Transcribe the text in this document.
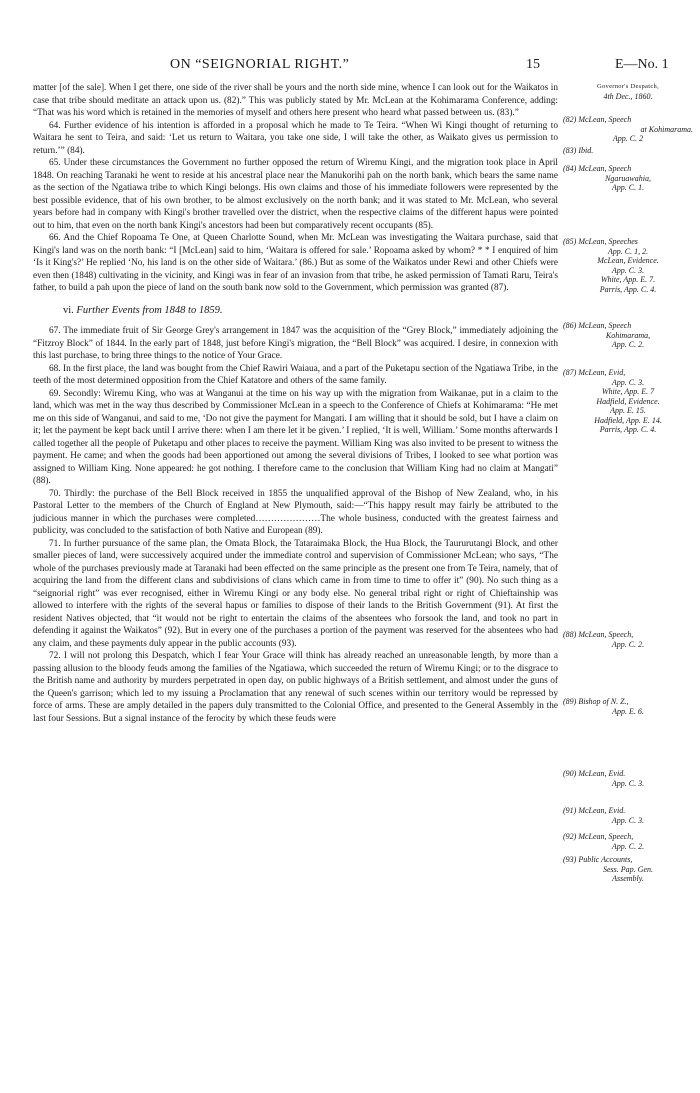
ON “SEIGNORIAL RIGHT.”	15	E—No. 1

matter [of the sale]. When I get there, one side of the river shall be yours and the north side mine, whence I can look out for the Waikatos in case that tribe should meditate an attack upon us. (82).” This was publicly stated by Mr. McLean at the Kohimarama Conference, adding: “That was his word which is retained in the memories of myself and others here present who heard what passed between us. (83).”

64. Further evidence of his intention is afforded in a proposal which he made to Te Teira. “When Wi Kingi thought of returning to Waitara he sent to Teira, and said: ‘Let us return to Waitara, you take one side, I will take the other, as Waikato gives us permission to return.’” (84).

65. Under these circumstances the Government no further opposed the return of Wiremu Kingi, and the migration took place in April 1848. On reaching Taranaki he went to reside at his ancestral place near the Manukorihi pah on the north bank, which bears the same name as the section of the Ngatiawa tribe to which Kingi belongs. His own claims and those of his immediate followers were represented by the best possible evidence, that of his own brother, to be almost exclusively on the north bank; and it was stated to Mr. McLean, who several years before had in company with Kingi's brother travelled over the district, when the respective claims of the different hapus were pointed out to him, that even on the north bank Kingi's ancestors had been but comparatively recent occupants (85).

66. And the Chief Ropoama Te One, at Queen Charlotte Sound, when Mr. McLean was investigating the Waitara purchase, said that Kingi's land was on the north bank: “I [McLean] said to him, ‘Waitara is offered for sale.’ Ropoama asked by whom? * * I enquired of him ‘Is it King's?’ He replied ‘No, his land is on the other side of Waitara.’ (86.) But as some of the Waikatos under Rewi and other Chiefs were even then (1848) cultivating in the vicinity, and Kingi was in fear of an invasion from that tribe, he asked permission of Tamati Raru, Teira's father, to build a pah upon the piece of land on the south bank now sold to the Government, which permission was granted (87).

vi. Further Events from 1848 to 1859.

67. The immediate fruit of Sir George Grey's arrangement in 1847 was the acquisition of the “Grey Block,” immediately adjoining the “Fitzroy Block” of 1844. In the early part of 1848, just before Kingi's migration, the “Bell Block” was acquired. I desire, in connexion with this last purchase, to bring three things to the notice of Your Grace.

68. In the first place, the land was bought from the Chief Rawiri Waiaua, and a part of the Puketapu section of the Ngatiawa Tribe, in the teeth of the most determined opposition from the Chief Katatore and others of the same family.

69. Secondly: Wiremu King, who was at Wanganui at the time on his way up with the migration from Waikanae, put in a claim to the land, which was met in the way thus described by Commissioner McLean in a speech to the Conference of Chiefs at Kohimarama: “He met me on this side of Wanganui, and said to me, ‘Do not give the payment for Mangati. I am willing that it should be sold, but I have a claim on it; let the payment be kept back until I arrive there: when I am there let it be given.’ I replied, ‘It is well, William.’ Some months afterwards I called together all the people of Puketapu and other places to receive the payment. William King was also invited to be present to witness the payment. He came; and when the goods had been apportioned out among the several divisions of Tribes, I looked to see what portion was assigned to William King. None appeared: he got nothing. I therefore came to the conclusion that William King had no claim at Mangati” (88).

70. Thirdly: the purchase of the Bell Block received in 1855 the unqualified approval of the Bishop of New Zealand, who, in his Pastoral Letter to the members of the Church of England at New Plymouth, said:—“This happy result may fairly be attributed to the judicious manner in which the purchases were completed…………………The whole business, conducted with the greatest fairness and publicity, was concluded to the satisfaction of both Native and European (89).

71. In further pursuance of the same plan, the Omata Block, the Tataraimaka Block, the Hua Block, the Taururutangi Block, and other smaller pieces of land, were successively acquired under the immediate control and supervision of Commissioner McLean; who says, “The whole of the purchases previously made at Taranaki had been effected on the same principle as the present one from Te Teira, namely, that of acquiring the land from the different clans and subdivisions of clans which came in from time to time to offer it” (90). No such thing as a “seignorial right” was ever recognised, either in Wiremu Kingi or any body else. No general tribal right or right of Chieftainship was allowed to interfere with the rights of the several hapus or families to dispose of their lands to the British Government (91). At first the resident Natives objected, that “it would not be right to entertain the claims of the absentees who forsook the land, and took no part in defending it against the Waikatos” (92). But in every one of the purchases a portion of the payment was reserved for the absentees who had any claim, and these payments duly appear in the public accounts (93).

72. I will not prolong this Despatch, which I fear Your Grace will think has already reached an unreasonable length, by more than a passing allusion to the bloody feuds among the families of the Ngatiawa, which succeeded the return of Wiremu Kingi; or to the disgrace to the British name and authority by murders perpetrated in open day, on public highways of a British settlement, and almost under the guns of the Queen's garrison; which led to my issuing a Proclamation that any renewal of such scenes within our territory would be repressed by force of arms. These are amply detailed in the papers duly transmitted to the Colonial Office, and presented to the General Assembly in the last four Sessions. But a signal instance of the ferocity by which these feuds were

Governor's Despatch,
4th Dec., 1860.
(82) McLean, Speech
at Kohimarama.
App. C. 2
(83) Ibid.
(84) McLean, Speech
Ngaruawahia,
App. C. 1.
(85) McLean, Speeches
App. C. 1, 2.
McLean, Evidence.
App. C. 3.
White, App. E. 7.
Parris, App. C. 4.
(86) McLean, Speech
Kohimarama,
App. C. 2.
(87) McLean, Evid,
App. C. 3.
White, App. E. 7
Hadfield, Evidence.
App. E. 15.
Hadfield, App. E. 14.
Parris, App. C. 4.
(88) McLean, Speech,
App. C. 2.
(89) Bishop of N. Z.,
App. E. 6.
(90) McLean, Evid.
App. C. 3.
(91) McLean, Evid.
App. C. 3.
(92) McLean, Speech,
App. C. 2.
(93) Public Accounts,
Sess. Pap. Gen.
Assembly.
